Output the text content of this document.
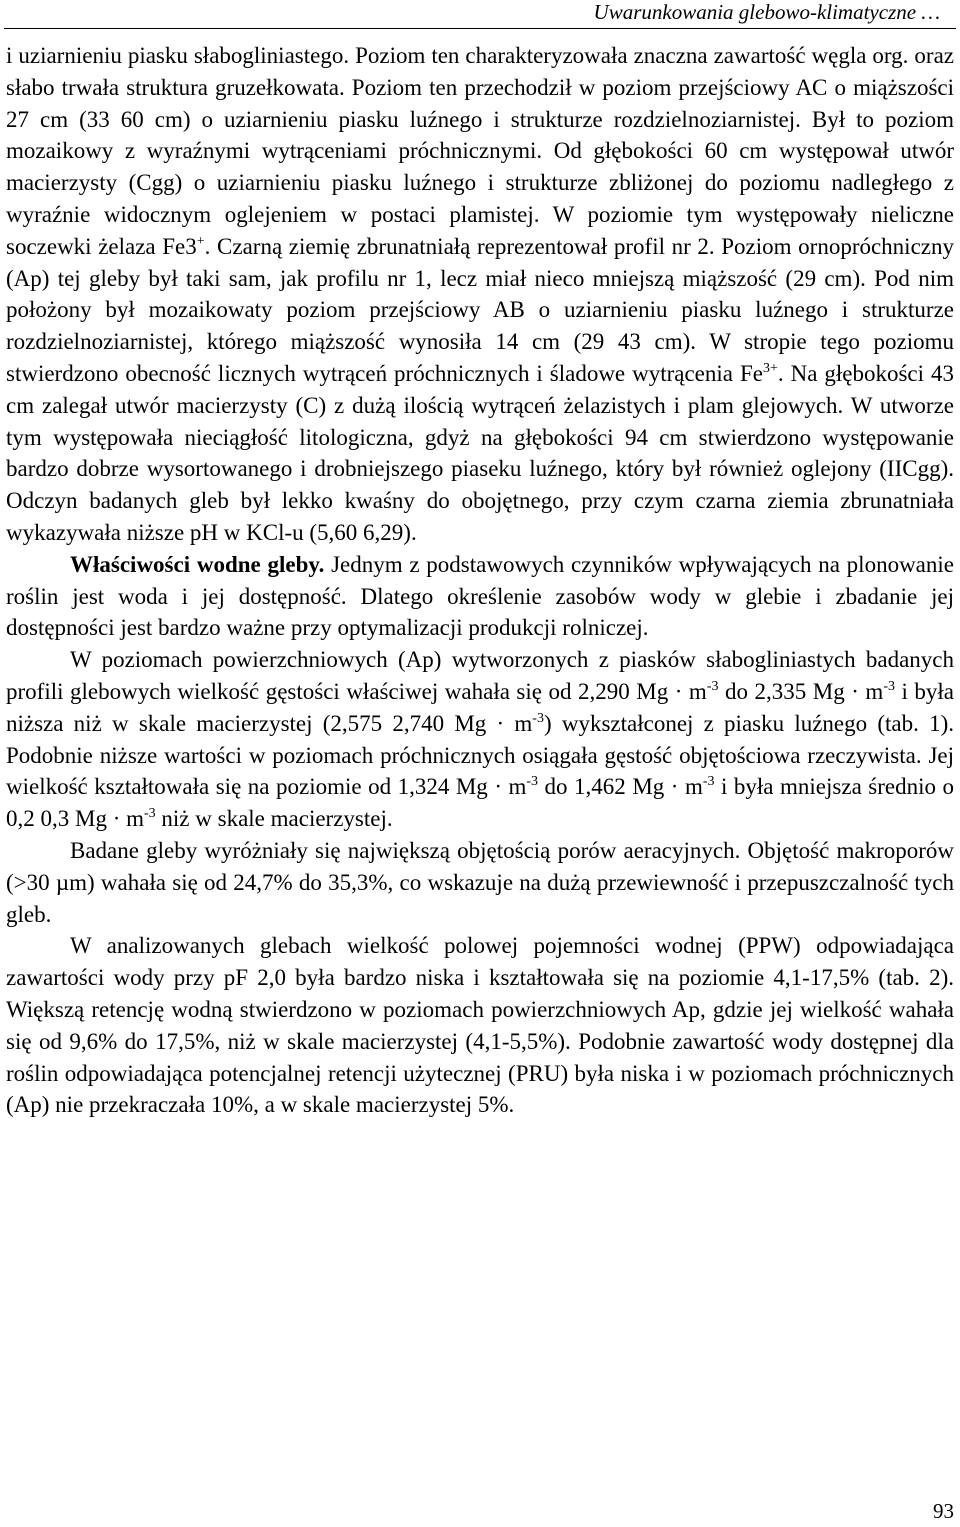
Uwarunkowania glebowo-klimatyczne …

i uziarnieniu piasku słabogliniastego. Poziom ten charakteryzowała znaczna zawartość węgla org. oraz słabo trwała struktura gruzełkowata. Poziom ten przechodził w poziom przejściowy AC o miąższości 27 cm (33 60 cm) o uziarnieniu piasku luźnego i strukturze rozdzielnoziarnistej. Był to poziom mozaikowy z wyraźnymi wytrąceniami próchnicznymi. Od głębokości 60 cm występował utwór macierzysty (Cgg) o uziarnieniu piasku luźnego i strukturze zbliżonej do poziomu nadległego z wyraźnie widocznym oglejeniem w postaci plamistej. W poziomie tym występowały nieliczne soczewki żelaza Fe3+. Czarną ziemię zbrunatniałą reprezentował profil nr 2. Poziom ornopróchniczny (Ap) tej gleby był taki sam, jak profilu nr 1, lecz miał nieco mniejszą miąższość (29 cm). Pod nim położony był mozaikowaty poziom przejściowy AB o uziarnieniu piasku luźnego i strukturze rozdzielnoziarnistej, którego miąższość wynosiła 14 cm (29 43 cm). W stropie tego poziomu stwierdzono obecność licznych wytrąceń próchnicznych i śladowe wytrącenia $Fe^{3+}$. Na głębokości 43 cm zalegał utwór macierzysty (C) z dużą ilością wytrąceń żelazistych i plam glejowych. W utworze tym występowała nieciągłość litologiczna, gdyż na głębokości 94 cm stwierdzono występowanie bardzo dobrze wysortowanego i drobniejszego piaseku luźnego, który był również oglejony (IICgg). Odczyn badanych gleb był lekko kwaśny do obojętnego, przy czym czarna ziemia zbrunatniała wykazywała niższe pH w KCl-u (5,60 6,29).

Właściwości wodne gleby. Jednym z podstawowych czynników wpływających na plonowanie roślin jest woda i jej dostępność. Dlatego określenie zasobów wody w glebie i zbadanie jej dostępności jest bardzo ważne przy optymalizacji produkcji rolniczej.

W poziomach powierzchniowych (Ap) wytworzonych z piasków słabogliniastych badanych profili glebowych wielkość gęstości właściwej wahała się od 2,290 $Mg \cdot m^{-3}$ do 2,335 $Mg \cdot m^{-3}$ i była niższa niż w skale macierzystej (2,575 2,740 $Mg \cdot m^{-3}$) wykształconej z piasku luźnego (tab. 1). Podobnie niższe wartości w poziomach próchnicznych osiągała gęstość objętościowa rzeczywista. Jej wielkość kształtowała się na poziomie od 1,324 $Mg \cdot m^{-3}$ do 1,462 $Mg \cdot m^{-3}$ i była mniejsza średnio o 0,2 0,3 $Mg \cdot m^{-3}$ niż w skale macierzystej.

Badane gleby wyróżniały się największą objętością porów aeracyjnych. Objętość makroporów (>30 µm) wahała się od 24,7% do 35,3%, co wskazuje na dużą przewiewność i przepuszczalność tych gleb.

W analizowanych glebach wielkość polowej pojemności wodnej (PPW) odpowiadająca zawartości wody przy pF 2,0 była bardzo niska i kształtowała się na poziomie 4,1-17,5% (tab. 2). Większą retencję wodną stwierdzono w poziomach powierzchniowych Ap, gdzie jej wielkość wahała się od 9,6% do 17,5%, niż w skale macierzystej (4,1-5,5%). Podobnie zawartość wody dostępnej dla roślin odpowiadająca potencjalnej retencji użytecznej (PRU) była niska i w poziomach próchnicznych (Ap) nie przekraczała 10%, a w skale macierzystej 5%.

93
